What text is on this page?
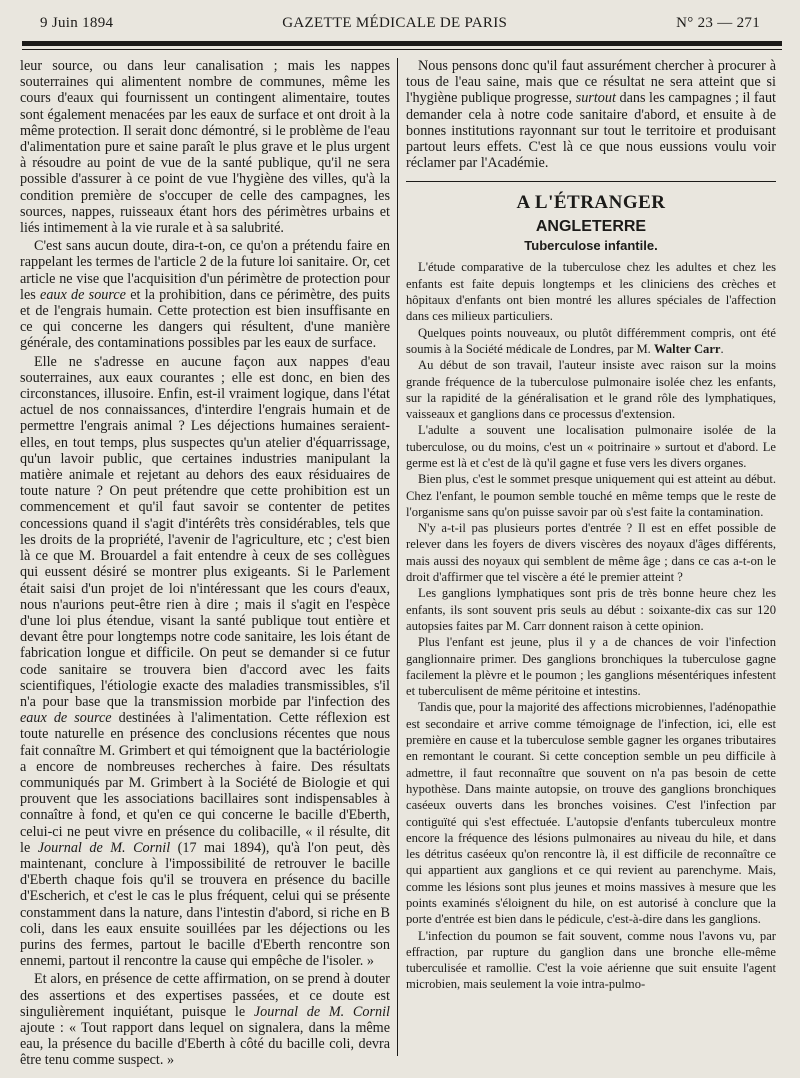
9 Juin 1894	GAZETTE MÉDICALE DE PARIS	N° 23 — 271

leur source, ou dans leur canalisation ; mais les nappes souterraines qui alimentent nombre de communes, même les cours d'eaux qui fournissent un contingent alimentaire, toutes sont également menacées par les eaux de surface et ont droit à la même protection. Il serait donc démontré, si le problème de l'eau d'alimentation pure et saine paraît le plus grave et le plus urgent à résoudre au point de vue de la santé publique, qu'il ne sera possible d'assurer à ce point de vue l'hygiène des villes, qu'à la condition première de s'occuper de celle des campagnes, les sources, nappes, ruisseaux étant hors des périmètres urbains et liés intimement à la vie rurale et à sa salubrité.

C'est sans aucun doute, dira-t-on, ce qu'on a prétendu faire en rappelant les termes de l'article 2 de la future loi sanitaire. Or, cet article ne vise que l'acquisition d'un périmètre de protection pour les eaux de source et la prohibition, dans ce périmètre, des puits et de l'engrais humain. Cette protection est bien insuffisante en ce qui concerne les dangers qui résultent, d'une manière générale, des contaminations possibles par les eaux de surface.

Elle ne s'adresse en aucune façon aux nappes d'eau souterraines, aux eaux courantes ; elle est donc, en bien des circonstances, illusoire. Enfin, est-il vraiment logique, dans l'état actuel de nos connaissances, d'interdire l'engrais humain et de permettre l'engrais animal ? Les déjections humaines seraient-elles, en tout temps, plus suspectes qu'un atelier d'équarrissage, qu'un lavoir public, que certaines industries manipulant la matière animale et rejetant au dehors des eaux résiduaires de toute nature ? On peut prétendre que cette prohibition est un commencement et qu'il faut savoir se contenter de petites concessions quand il s'agit d'intérêts très considérables, tels que les droits de la propriété, l'avenir de l'agriculture, etc ; c'est bien là ce que M. Brouardel a fait entendre à ceux de ses collègues qui eussent désiré se montrer plus exigeants. Si le Parlement était saisi d'un projet de loi n'intéressant que les cours d'eaux, nous n'aurions peut-être rien à dire ; mais il s'agit en l'espèce d'une loi plus étendue, visant la santé publique tout entière et devant être pour longtemps notre code sanitaire, les lois étant de fabrication longue et difficile. On peut se demander si ce futur code sanitaire se trouvera bien d'accord avec les faits scientifiques, l'étiologie exacte des maladies transmissibles, s'il n'a pour base que la transmission morbide par l'infection des eaux de source destinées à l'alimentation. Cette réflexion est toute naturelle en présence des conclusions récentes que nous fait connaître M. Grimbert et qui témoignent que la bactériologie a encore de nombreuses recherches à faire. Des résultats communiqués par M. Grimbert à la Société de Biologie et qui prouvent que les associations bacillaires sont indispensables à connaître à fond, et qu'en ce qui concerne le bacille d'Eberth, celui-ci ne peut vivre en présence du colibacille, « il résulte, dit le Journal de M. Cornil (17 mai 1894), qu'à l'on peut, dès maintenant, conclure à l'impossibilité de retrouver le bacille d'Eberth chaque fois qu'il se trouvera en présence du bacille d'Escherich, et c'est le cas le plus fréquent, celui qui se présente constamment dans la nature, dans l'intestin d'abord, si riche en B coli, dans les eaux ensuite souillées par les déjections ou les purins des fermes, partout le bacille d'Eberth rencontre son ennemi, partout il rencontre la cause qui empêche de l'isoler. »

Et alors, en présence de cette affirmation, on se prend à douter des assertions et des expertises passées, et ce doute est singulièrement inquiétant, puisque le Journal de M. Cornil ajoute : « Tout rapport dans lequel on signalera, dans la même eau, la présence du bacille d'Eberth à côté du bacille coli, devra être tenu comme suspect. »

Nous pensons donc qu'il faut assurément chercher à procurer à tous de l'eau saine, mais que ce résultat ne sera atteint que si l'hygiène publique progresse, surtout dans les campagnes ; il faut demander cela à notre code sanitaire d'abord, et ensuite à de bonnes institutions rayonnant sur tout le territoire et produisant partout leurs effets. C'est là ce que nous eussions voulu voir réclamer par l'Académie.

A L'ÉTRANGER
ANGLETERRE
Tuberculose infantile.

L'étude comparative de la tuberculose chez les adultes et chez les enfants est faite depuis longtemps et les cliniciens des crèches et hôpitaux d'enfants ont bien montré les allures spéciales de l'affection dans ces milieux particuliers.

Quelques points nouveaux, ou plutôt différemment compris, ont été soumis à la Société médicale de Londres, par M. Walter Carr.

Au début de son travail, l'auteur insiste avec raison sur la moins grande fréquence de la tuberculose pulmonaire isolée chez les enfants, sur la rapidité de la généralisation et le grand rôle des lymphatiques, vaisseaux et ganglions dans ce processus d'extension.

L'adulte a souvent une localisation pulmonaire isolée de la tuberculose, ou du moins, c'est un « poitrinaire » surtout et d'abord. Le germe est là et c'est de là qu'il gagne et fuse vers les divers organes.

Bien plus, c'est le sommet presque uniquement qui est atteint au début. Chez l'enfant, le poumon semble touché en même temps que le reste de l'organisme sans qu'on puisse savoir par où s'est faite la contamination.

N'y a-t-il pas plusieurs portes d'entrée ? Il est en effet possible de relever dans les foyers de divers viscères des noyaux d'âges différents, mais aussi des noyaux qui semblent de même âge ; dans ce cas a-t-on le droit d'affirmer que tel viscère a été le premier atteint ?

Les ganglions lymphatiques sont pris de très bonne heure chez les enfants, ils sont souvent pris seuls au début : soixante-dix cas sur 120 autopsies faites par M. Carr donnent raison à cette opinion.

Plus l'enfant est jeune, plus il y a de chances de voir l'infection ganglionnaire primer. Des ganglions bronchiques la tuberculose gagne facilement la plèvre et le poumon ; les ganglions mésentériques infestent et tuberculisent de même péritoine et intestins.

Tandis que, pour la majorité des affections microbiennes, l'adénopathie est secondaire et arrive comme témoignage de l'infection, ici, elle est première en cause et la tuberculose semble gagner les organes tributaires en remontant le courant. Si cette conception semble un peu difficile à admettre, il faut reconnaître que souvent on n'a pas besoin de cette hypothèse. Dans mainte autopsie, on trouve des ganglions bronchiques caséeux ouverts dans les bronches voisines. C'est l'infection par contiguïté qui s'est effectuée. L'autopsie d'enfants tuberculeux montre encore la fréquence des lésions pulmonaires au niveau du hile, et dans les détritus caséeux qu'on rencontre là, il est difficile de reconnaître ce qui appartient aux ganglions et ce qui revient au parenchyme. Mais, comme les lésions sont plus jeunes et moins massives à mesure que les points examinés s'éloignent du hile, on est autorisé à conclure que la porte d'entrée est bien dans le pédicule, c'est-à-dire dans les ganglions.

L'infection du poumon se fait souvent, comme nous l'avons vu, par effraction, par rupture du ganglion dans une bronche elle-même tuberculisée et ramollie. C'est la voie aérienne que suit ensuite l'agent microbien, mais seulement la voie intra-pulmo-
